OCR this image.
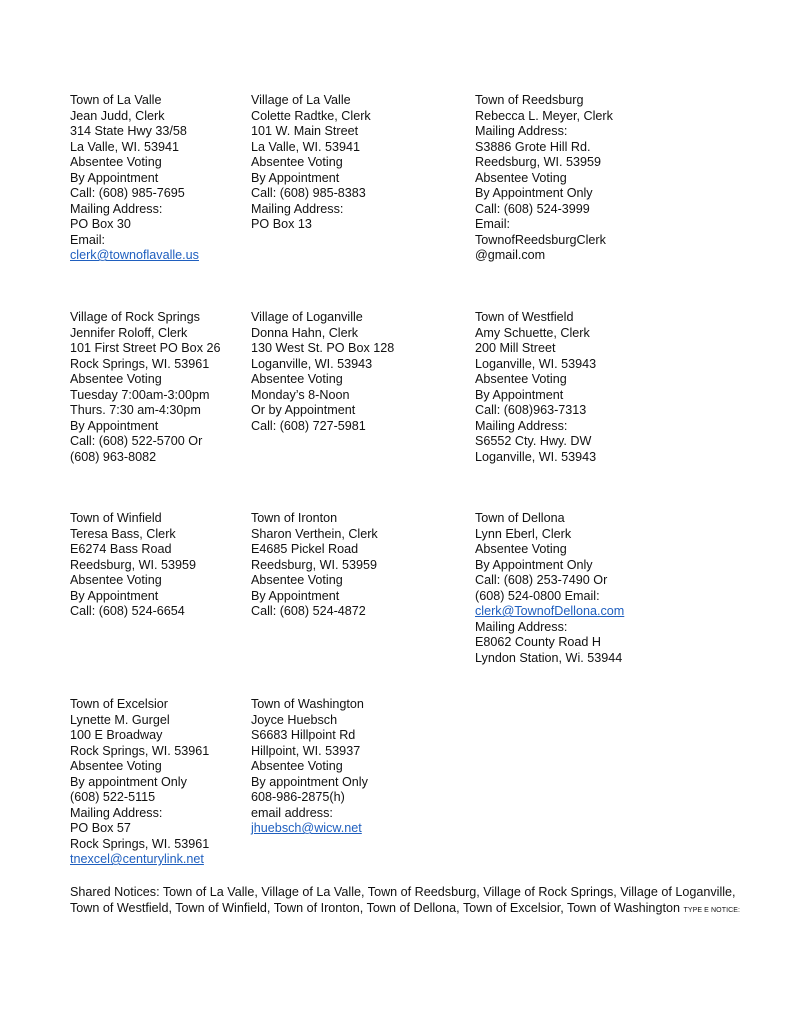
Town of La Valle
Jean Judd, Clerk
314 State Hwy 33/58
La Valle, WI. 53941
Absentee Voting
By Appointment
Call: (608) 985-7695
Mailing Address:
PO Box 30
Email:
clerk@townoflavalle.us
Village of La Valle
Colette Radtke, Clerk
101 W. Main Street
La Valle, WI. 53941
Absentee Voting
By Appointment
Call: (608) 985-8383
Mailing Address:
PO Box 13
Town of Reedsburg
Rebecca L. Meyer, Clerk
Mailing Address:
S3886 Grote Hill Rd.
Reedsburg, WI. 53959
Absentee Voting
By Appointment Only
Call: (608) 524-3999
Email:
TownofReedsburgClerk
@gmail.com
Village of Rock Springs
Jennifer Roloff, Clerk
101 First Street PO Box 26
Rock Springs, WI. 53961
Absentee Voting
Tuesday 7:00am-3:00pm
Thurs. 7:30 am-4:30pm
By Appointment
Call: (608) 522-5700 Or
(608) 963-8082
Village of Loganville
Donna Hahn, Clerk
130 West St. PO Box 128
Loganville, WI. 53943
Absentee Voting
Monday’s 8-Noon
Or by Appointment
Call: (608) 727-5981
Town of Westfield
Amy Schuette, Clerk
200 Mill Street
Loganville, WI. 53943
Absentee Voting
By Appointment
Call: (608)963-7313
Mailing Address:
S6552 Cty. Hwy. DW
Loganville, WI. 53943
Town of Winfield
Teresa Bass, Clerk
E6274 Bass Road
Reedsburg, WI. 53959
Absentee Voting
By Appointment
Call: (608) 524-6654
Town of Ironton
Sharon Verthein, Clerk
E4685 Pickel Road
Reedsburg, WI. 53959
Absentee Voting
By Appointment
Call: (608) 524-4872
Town of Dellona
Lynn Eberl, Clerk
Absentee Voting
By Appointment Only
Call: (608) 253-7490 Or
(608) 524-0800 Email:
clerk@TownofDellona.com
Mailing Address:
E8062 County Road H
Lyndon Station, Wi. 53944
Town of Excelsior
Lynette M. Gurgel
100 E Broadway
Rock Springs, WI. 53961
Absentee Voting
By appointment Only
(608) 522-5115
Mailing Address:
PO Box 57
Rock Springs, WI. 53961
tnexcel@centurylink.net
Town of Washington
Joyce Huebsch
S6683 Hillpoint Rd
Hillpoint, WI. 53937
Absentee Voting
By appointment Only
608-986-2875(h)
email address:
jhuebsch@wicw.net
Shared Notices: Town of La Valle, Village of La Valle, Town of Reedsburg, Village of Rock Springs, Village of Loganville, Town of Westfield, Town of Winfield, Town of Ironton, Town of Dellona, Town of Excelsior, Town of Washington TYPE E NOTICE:
